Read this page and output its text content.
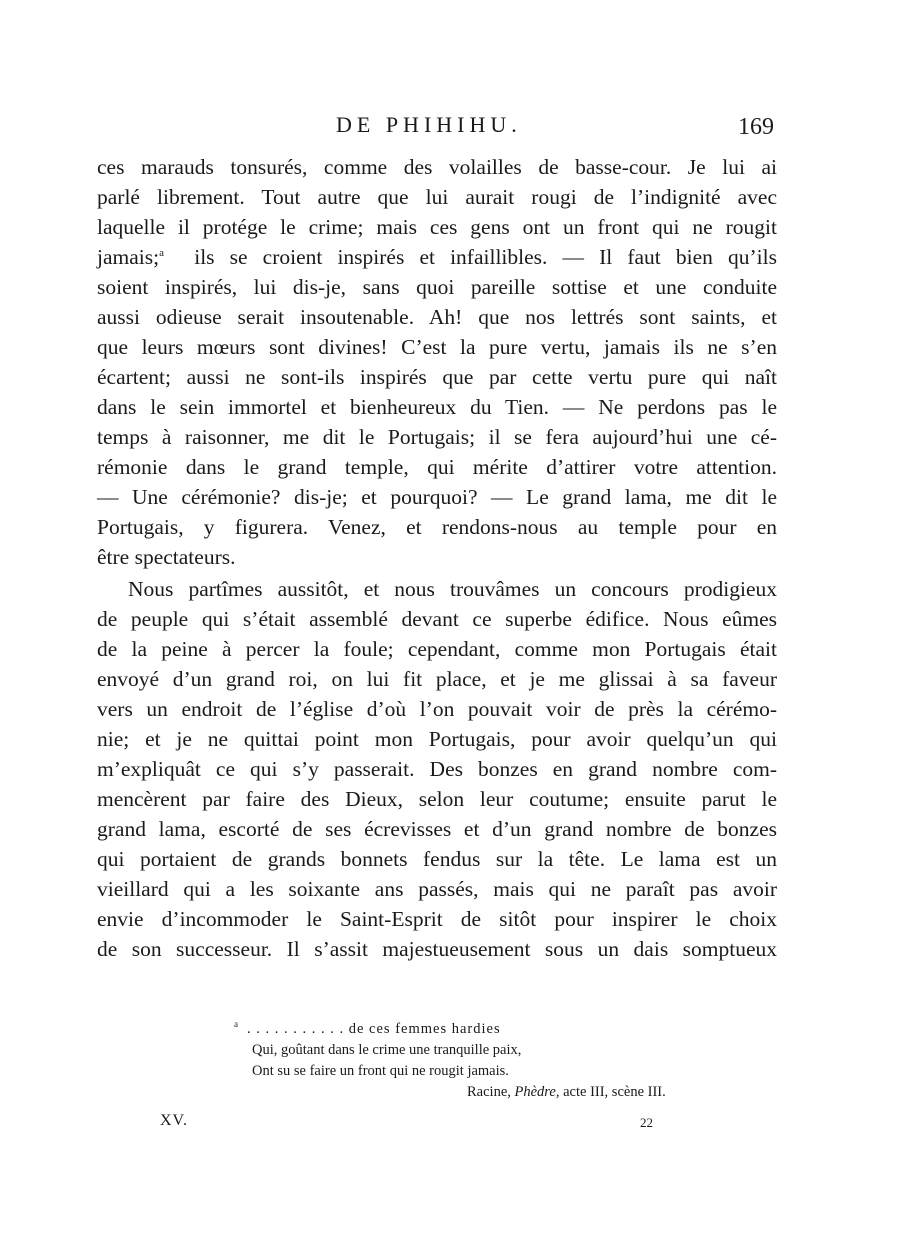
DE PHIHIHU.	169
ces marauds tonsurés, comme des volailles de basse-cour. Je lui ai
parlé librement. Tout autre que lui aurait rougi de l’indignité avec
laquelle il protége le crime; mais ces gens ont un front qui ne rougit
jamais;$^a$ ils se croient inspirés et infaillibles. — Il faut bien qu’ils
soient inspirés, lui dis-je, sans quoi pareille sottise et une conduite
aussi odieuse serait insoutenable. Ah! que nos lettrés sont saints, et
que leurs mœurs sont divines! C’est la pure vertu, jamais ils ne s’en
écartent; aussi ne sont-ils inspirés que par cette vertu pure qui naît
dans le sein immortel et bienheureux du Tien. — Ne perdons pas le
temps à raisonner, me dit le Portugais; il se fera aujourd’hui une cé-
rémonie dans le grand temple, qui mérite d’attirer votre attention.
— Une cérémonie? dis-je; et pourquoi? — Le grand lama, me dit le
Portugais, y figurera. Venez, et rendons-nous au temple pour en
être spectateurs.
Nous partîmes aussitôt, et nous trouvâmes un concours prodigieux
de peuple qui s’était assemblé devant ce superbe édifice. Nous eûmes
de la peine à percer la foule; cependant, comme mon Portugais était
envoyé d’un grand roi, on lui fit place, et je me glissai à sa faveur
vers un endroit de l’église d’où l’on pouvait voir de près la cérémo-
nie; et je ne quittai point mon Portugais, pour avoir quelqu’un qui
m’expliquât ce qui s’y passerait. Des bonzes en grand nombre com-
mencèrent par faire des Dieux, selon leur coutume; ensuite parut le
grand lama, escorté de ses écrevisses et d’un grand nombre de bonzes
qui portaient de grands bonnets fendus sur la tête. Le lama est un
vieillard qui a les soixante ans passés, mais qui ne paraît pas avoir
envie d’incommoder le Saint-Esprit de sitôt pour inspirer le choix
de son successeur. Il s’assit majestueusement sous un dais somptueux
$^a$ . . . . . . . . . . . de ces femmes hardies
Qui, goûtant dans le crime une tranquille paix,
Ont su se faire un front qui ne rougit jamais.
Racine, Phèdre, acte III, scène III.
XV.	22
